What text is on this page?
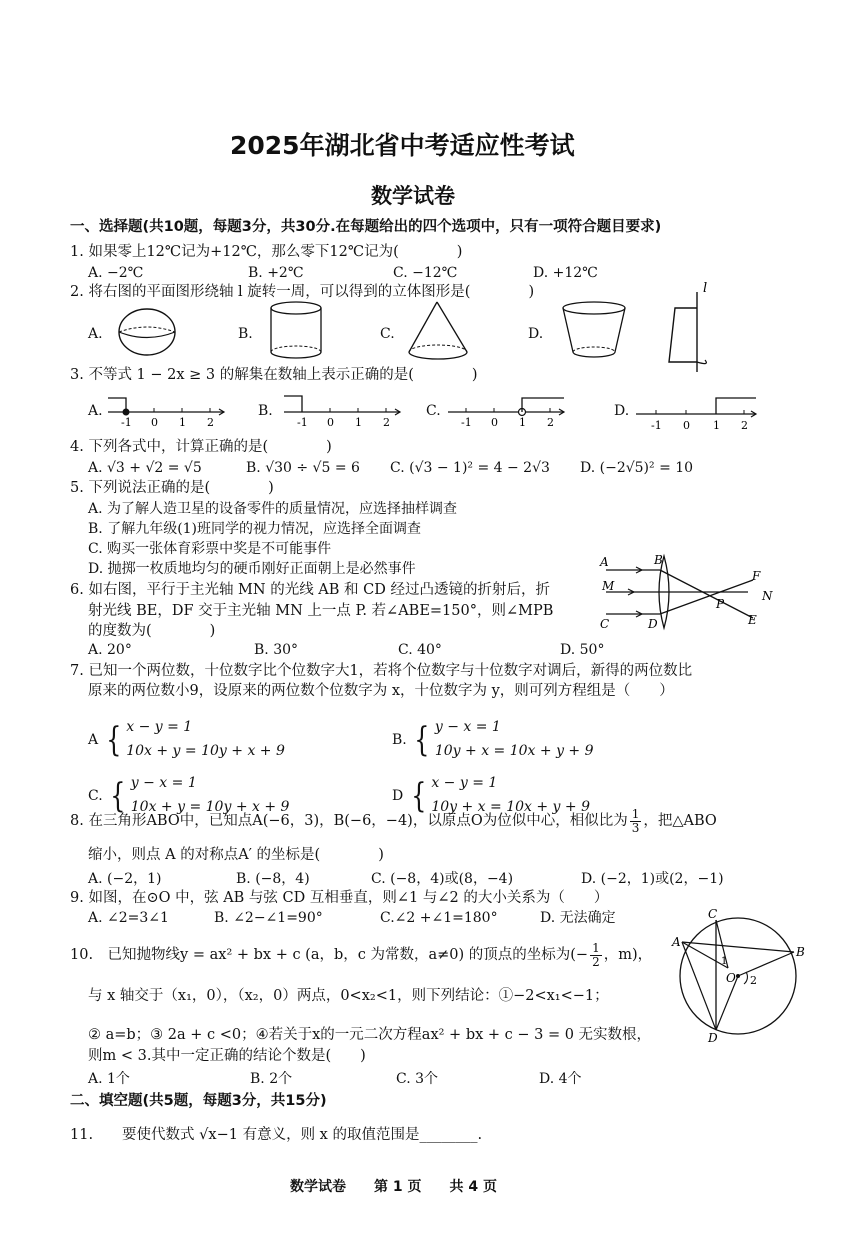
2025年湖北省中考适应性考试
数学试卷
一、选择题(共10题，每题3分，共30分.在每题给出的四个选项中，只有一项符合题目要求)
1. 如果零上12℃记为+12℃，那么零下12℃记为(　　　　)
A. −2℃	B. +2℃	C. −12℃	D. +12℃
2. 将右图的平面图形绕轴 l 旋转一周，可以得到的立体图形是(　　　　)
A.	B.	C.	D.
l
3. 不等式 1 − 2x ≥ 3 的解集在数轴上表示正确的是(　　　　)
A.	B.	C.	D.
-1 0 1 2	-1 0 1 2	-1 0 1 2	-1 0 1 2
4. 下列各式中，计算正确的是(　　　　)
A. √3 + √2 = √5	B. √30 ÷ √5 = 6 C. (√3 − 1)² = 4 − 2√3 D. (−2√5)² = 10
5. 下列说法正确的是(　　　　)
A. 为了解人造卫星的设备零件的质量情况，应选择抽样调查
B. 了解九年级(1)班同学的视力情况，应选择全面调查
C. 购买一张体育彩票中奖是不可能事件
D. 抛掷一枚质地均匀的硬币刚好正面朝上是必然事件
6. 如右图，平行于主光轴 MN 的光线 AB 和 CD 经过凸透镜的折射后，折
射光线 BE，DF 交于主光轴 MN 上一点 P. 若∠ABE=150°，则∠MPB
的度数为(　　　　)
A. 20°	B. 30°	C. 40°	D. 50°
A	B
M
C	D
P
F
N
E
7. 已知一个两位数，十位数字比个位数字大1，若将个位数字与十位数字对调后，新得的两位数比
原来的两位数小9，设原来的两位数个位数字为 x，十位数字为 y，则可列方程组是（　　）
A { x − y = 1
10x + y = 10y + x + 9
B. { y − x = 1
10y + x = 10x + y + 9
C. { y − x = 1
10x + y = 10y + x + 9
D { x − y = 1
10y + x = 10x + y + 9
8. 在三角形ABO中，已知点A(−6，3)，B(−6，−4)，以原点O为位似中心，相似比为 $\frac{1}{3}$ ，把△ABO
缩小，则点 A 的对称点A′ 的坐标是(　　　　)
A. (−2，1)	B. (−8，4)	C. (−8，4)或(8，−4)	D. (−2，1)或(2，−1)
9. 如图，在⊙O 中，弦 AB 与弦 CD 互相垂直，则∠1 与∠2 的大小关系为（　　）
A. ∠2=3∠1	B. ∠2−∠1=90°	C.∠2 +∠1=180°	D. 无法确定	C
A
B
O
D
1
2
10.　已知抛物线y = ax² + bx + c (a，b，c 为常数，a≠0) 的顶点的坐标为(− $\frac{1}{2}$ ，m)，
与 x 轴交于（x₁，0），（x₂，0）两点，0<x₂<1，则下列结论：①−2<x₁<−1；
② a=b；③ 2a + c <0；④若关于x的一元二次方程ax² + bx + c − 3 = 0 无实数根，
则m < 3.其中一定正确的结论个数是(　　)
A. 1个	B. 2个	C. 3个	D. 4个
二、填空题(共5题，每题3分，共15分)
11.　　要使代数式 √x−1 有意义，则 x 的取值范围是________.
数学试卷　　第 1 页　　共 4 页
